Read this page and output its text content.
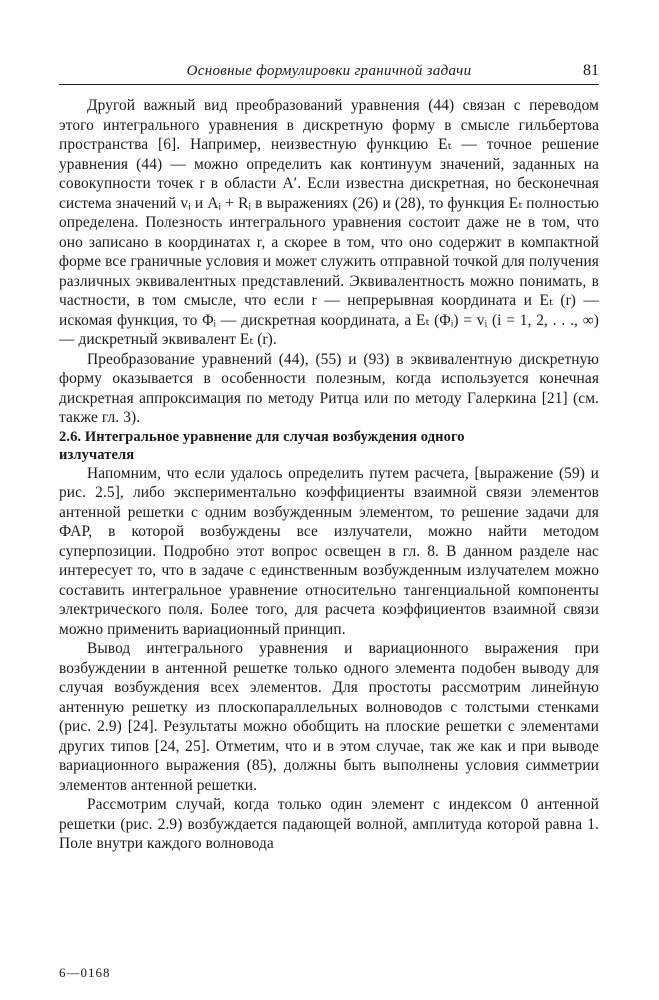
Основные формулировки граничной задачи	81

Другой важный вид преобразований уравнения (44) связан с переводом этого интегрального уравнения в дискретную форму в смысле гильбертова пространства [6]. Например, неизвестную функцию Eₜ — точное решение уравнения (44) — можно определить как континуум значений, заданных на совокупности точек r в области A′. Если известна дискретная, но бесконечная система значений vᵢ и Aᵢ + Rᵢ в выражениях (26) и (28), то функция Eₜ полностью определена. Полезность интегрального уравнения состоит даже не в том, что оно записано в координатах r, а скорее в том, что оно содержит в компактной форме все граничные условия и может служить отправной точкой для получения различных эквивалентных представлений. Эквивалентность можно понимать, в частности, в том смысле, что если r — непрерывная координата и Eₜ (r) — искомая функция, то Φᵢ — дискретная координата, а Eₜ (Φᵢ) = vᵢ (i = 1, 2, . . ., ∞) — дискретный эквивалент Eₜ (r).

Преобразование уравнений (44), (55) и (93) в эквивалентную дискретную форму оказывается в особенности полезным, когда используется конечная дискретная аппроксимация по методу Ритца или по методу Галеркина [21] (см. также гл. 3).

2.6. Интегральное уравнение для случая возбуждения одного излучателя

Напомним, что если удалось определить путем расчета, [выражение (59) и рис. 2.5], либо экспериментально коэффициенты взаимной связи элементов антенной решетки с одним возбужденным элементом, то решение задачи для ФАР, в которой возбуждены все излучатели, можно найти методом суперпозиции. Подробно этот вопрос освещен в гл. 8. В данном разделе нас интересует то, что в задаче с единственным возбужденным излучателем можно составить интегральное уравнение относительно тангенциальной компоненты электрического поля. Более того, для расчета коэффициентов взаимной связи можно применить вариационный принцип.

Вывод интегрального уравнения и вариационного выражения при возбуждении в антенной решетке только одного элемента подобен выводу для случая возбуждения всех элементов. Для простоты рассмотрим линейную антенную решетку из плоскопараллельных волноводов с толстыми стенками (рис. 2.9) [24]. Результаты можно обобщить на плоские решетки с элементами других типов [24, 25]. Отметим, что и в этом случае, так же как и при выводе вариационного выражения (85), должны быть выполнены условия симметрии элементов антенной решетки.

Рассмотрим случай, когда только один элемент с индексом 0 антенной решетки (рис. 2.9) возбуждается падающей волной, амплитуда которой равна 1. Поле внутри каждого волновода

6—0168
